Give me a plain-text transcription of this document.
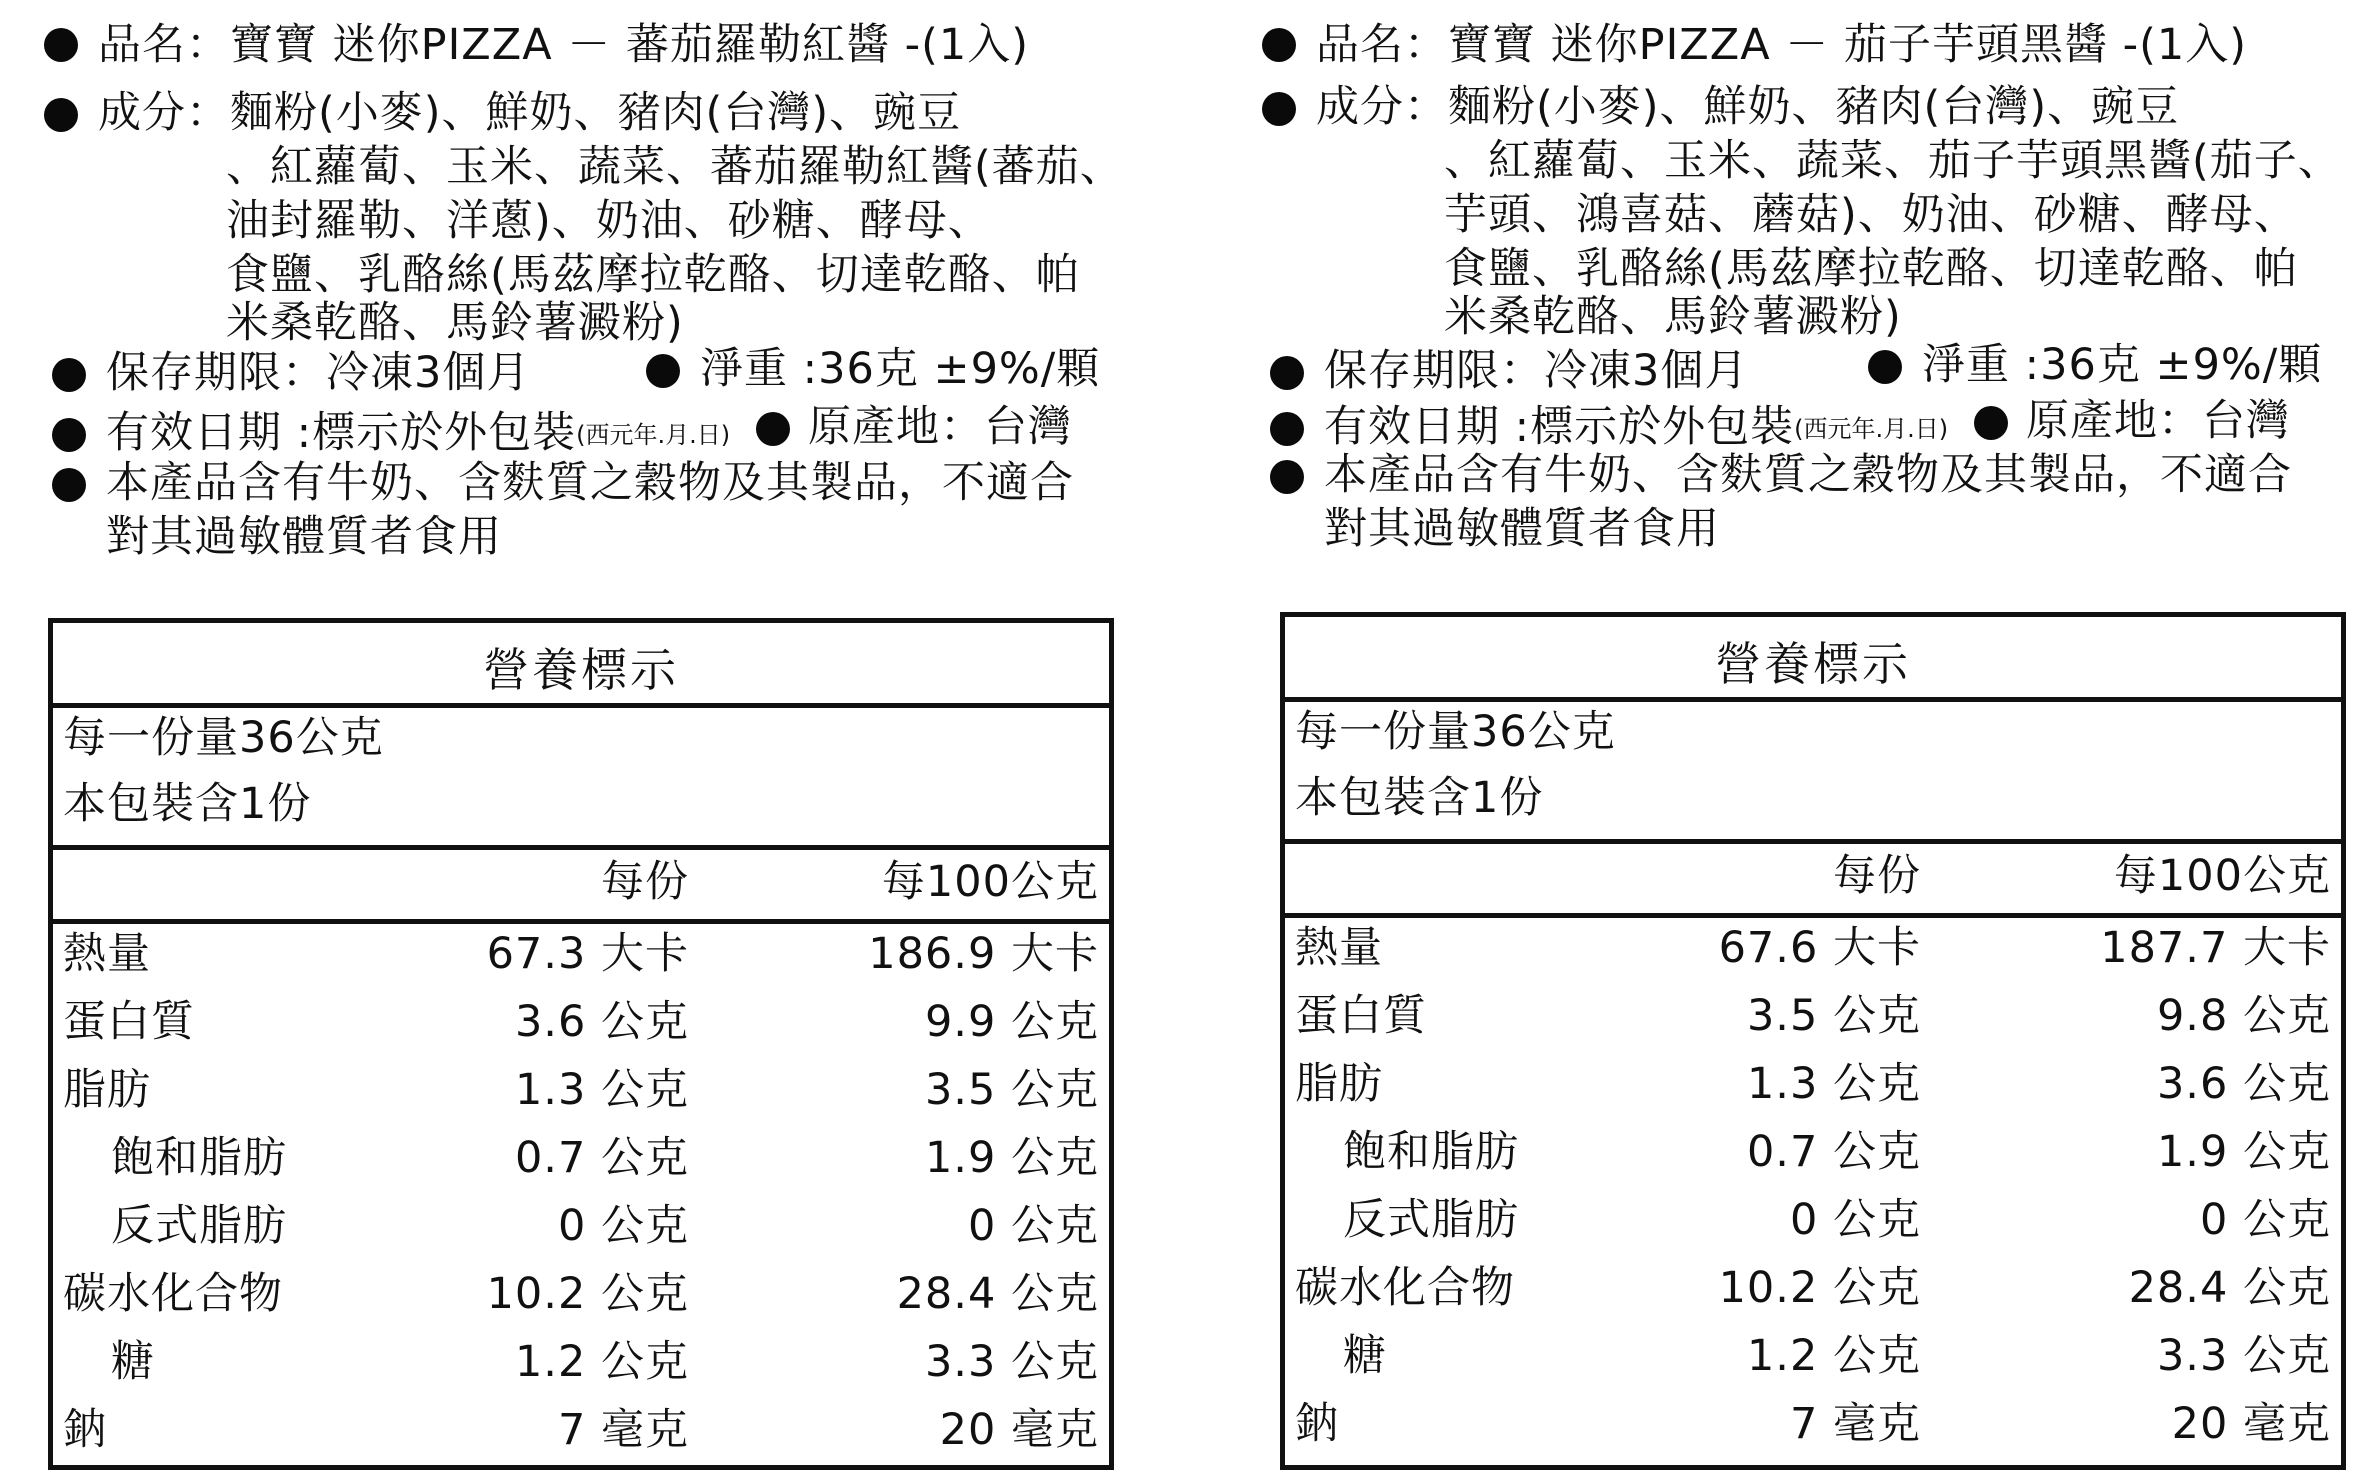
品名：寶寶 迷你PIZZA － 蕃茄羅勒紅醬 -(1入)
成分：麵粉(小麥)、鮮奶、豬肉(台灣)、豌豆
、紅蘿蔔、玉米、蔬菜、蕃茄羅勒紅醬(蕃茄、
油封羅勒、洋蔥)、奶油、砂糖、酵母、
食鹽、乳酪絲(馬茲摩拉乾酪、切達乾酪、帕
米桑乾酪、馬鈴薯澱粉)
保存期限：冷凍3個月	淨重 :36克 ±9%/顆
有效日期 :標示於外包裝(西元年.月.日) 原產地：台灣
本產品含有牛奶、含麩質之穀物及其製品，不適合
對其過敏體質者食用
營養標示
每一份量36公克
本包裝含1份
每份	每100公克
熱量	67.3 大卡	186.9 大卡
蛋白質	3.6 公克	9.9 公克
脂肪	1.3 公克	3.5 公克
飽和脂肪	0.7 公克	1.9 公克
反式脂肪	0 公克	0 公克
碳水化合物	10.2 公克	28.4 公克
糖	1.2 公克	3.3 公克
鈉	7 毫克	20 毫克
品名：寶寶 迷你PIZZA － 茄子芋頭黑醬 -(1入)
成分：麵粉(小麥)、鮮奶、豬肉(台灣)、豌豆
、紅蘿蔔、玉米、蔬菜、茄子芋頭黑醬(茄子、
芋頭、鴻喜菇、蘑菇)、奶油、砂糖、酵母、
食鹽、乳酪絲(馬茲摩拉乾酪、切達乾酪、帕
米桑乾酪、馬鈴薯澱粉)
保存期限：冷凍3個月	淨重 :36克 ±9%/顆
有效日期 :標示於外包裝(西元年.月.日) 原產地：台灣
本產品含有牛奶、含麩質之穀物及其製品，不適合
對其過敏體質者食用
營養標示
每一份量36公克
本包裝含1份
每份	每100公克
熱量	67.6 大卡	187.7 大卡
蛋白質	3.5 公克	9.8 公克
脂肪	1.3 公克	3.6 公克
飽和脂肪	0.7 公克	1.9 公克
反式脂肪	0 公克	0 公克
碳水化合物	10.2 公克	28.4 公克
糖	1.2 公克	3.3 公克
鈉	7 毫克	20 毫克
